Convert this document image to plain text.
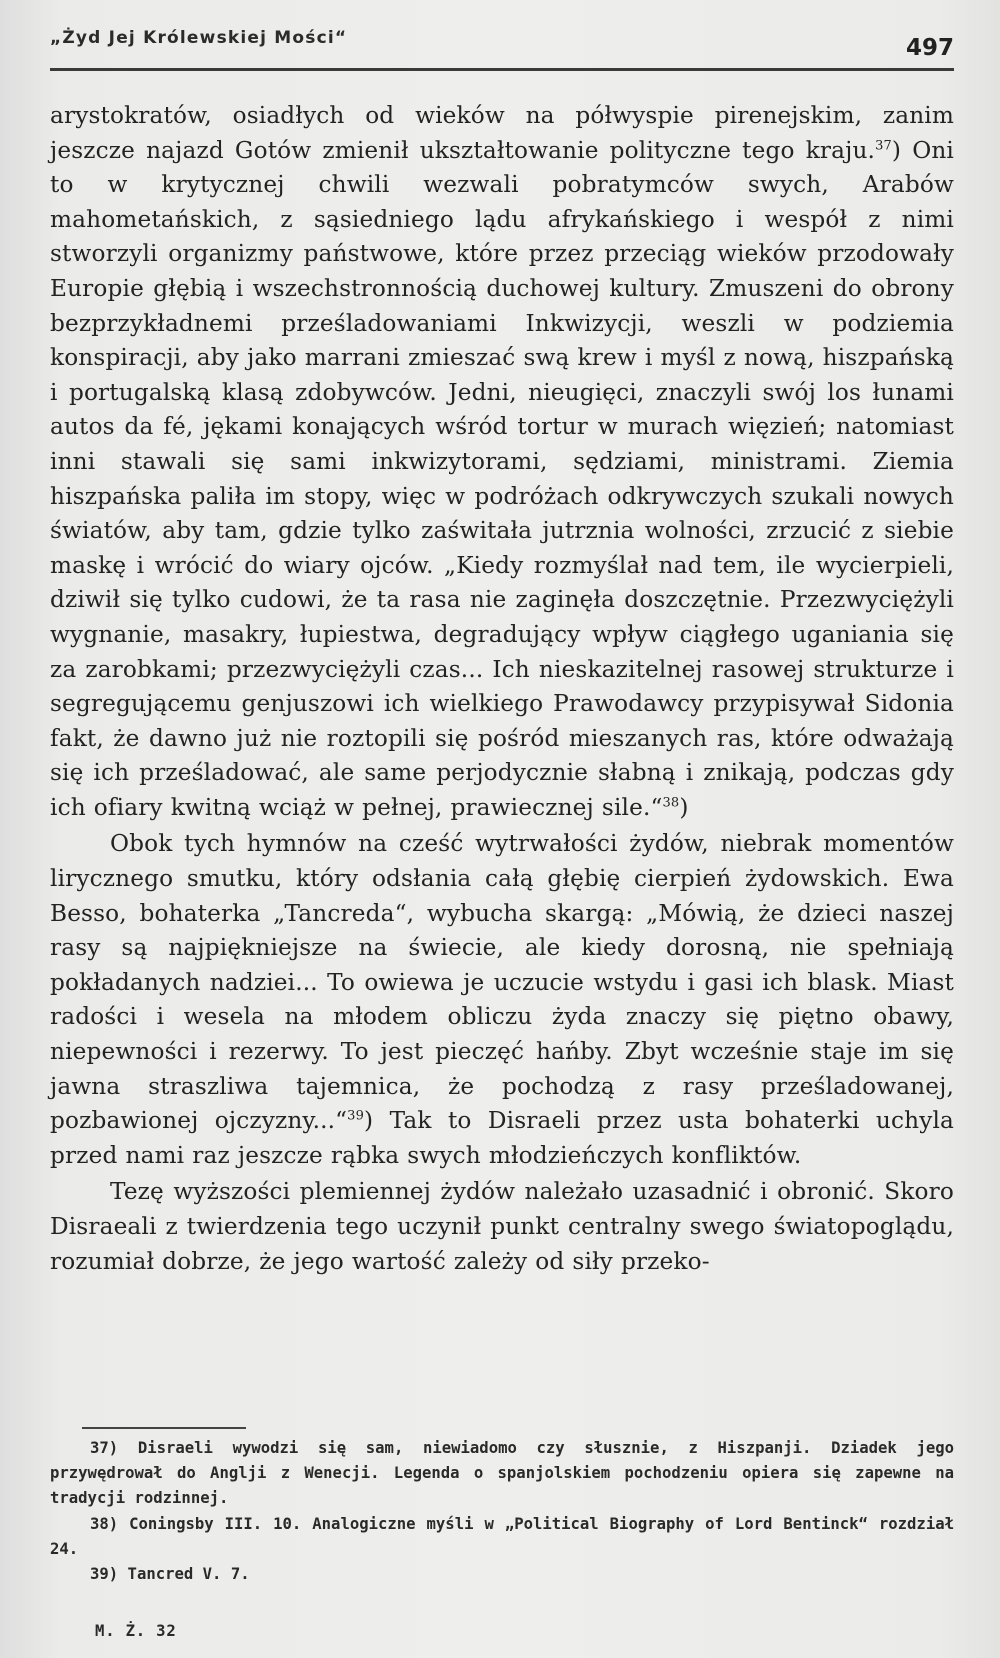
„Żyd Jej Królewskiej Mości“	497

arystokratów, osiadłych od wieków na półwyspie pirenejskim, zanim jeszcze najazd Gotów zmienił ukształtowanie polityczne tego kraju.$^{37}$) Oni to w krytycznej chwili wezwali pobratymców swych, Arabów mahometańskich, z sąsiedniego lądu afrykańskiego i wespół z nimi stworzyli organizmy państwowe, które przez przeciąg wieków przodowały Europie głębią i wszechstronnością duchowej kultury. Zmuszeni do obrony bezprzykładnemi prześladowaniami Inkwizycji, weszli w podziemia konspiracji, aby jako marrani zmieszać swą krew i myśl z nową, hiszpańską i portugalską klasą zdobywców. Jedni, nieugięci, znaczyli swój los łunami autos da fé, jękami konających wśród tortur w murach więzień; natomiast inni stawali się sami inkwizytorami, sędziami, ministrami. Ziemia hiszpańska paliła im stopy, więc w podróżach odkrywczych szukali nowych światów, aby tam, gdzie tylko zaświtała jutrznia wolności, zrzucić z siebie maskę i wrócić do wiary ojców. „Kiedy rozmyślał nad tem, ile wycierpieli, dziwił się tylko cudowi, że ta rasa nie zaginęła doszczętnie. Przezwyciężyli wygnanie, masakry, łupiestwa, degradujący wpływ ciągłego uganiania się za zarobkami; przezwyciężyli czas... Ich nieskazitelnej rasowej strukturze i segregującemu genjuszowi ich wielkiego Prawodawcy przypisywał Sidonia fakt, że dawno już nie roztopili się pośród mieszanych ras, które odważają się ich prześladować, ale same perjodycznie słabną i znikają, podczas gdy ich ofiary kwitną wciąż w pełnej, prawiecznej sile.“$^{38}$)

Obok tych hymnów na cześć wytrwałości żydów, niebrak momentów lirycznego smutku, który odsłania całą głębię cierpień żydowskich. Ewa Besso, bohaterka „Tancreda“, wybucha skargą: „Mówią, że dzieci naszej rasy są najpiękniejsze na świecie, ale kiedy dorosną, nie spełniają pokładanych nadziei... To owiewa je uczucie wstydu i gasi ich blask. Miast radości i wesela na młodem obliczu żyda znaczy się piętno obawy, niepewności i rezerwy. To jest pieczęć hańby. Zbyt wcześnie staje im się jawna straszliwa tajemnica, że pochodzą z rasy prześladowanej, pozbawionej ojczyzny...“$^{39}$) Tak to Disraeli przez usta bohaterki uchyla przed nami raz jeszcze rąbka swych młodzieńczych konfliktów.

Tezę wyższości plemiennej żydów należało uzasadnić i obronić. Skoro Disraeali z twierdzenia tego uczynił punkt centralny swego światopoglądu, rozumiał dobrze, że jego wartość zależy od siły przeko-

37) Disraeli wywodzi się sam, niewiadomo czy słusznie, z Hiszpanji. Dziadek jego przywędrował do Anglji z Wenecji. Legenda o spanjolskiem pochodzeniu opiera się zapewne na tradycji rodzinnej.

38) Coningsby III. 10. Analogiczne myśli w „Political Biography of Lord Bentinck“ rozdział 24.

39) Tancred V. 7.

M. Ż. 32
